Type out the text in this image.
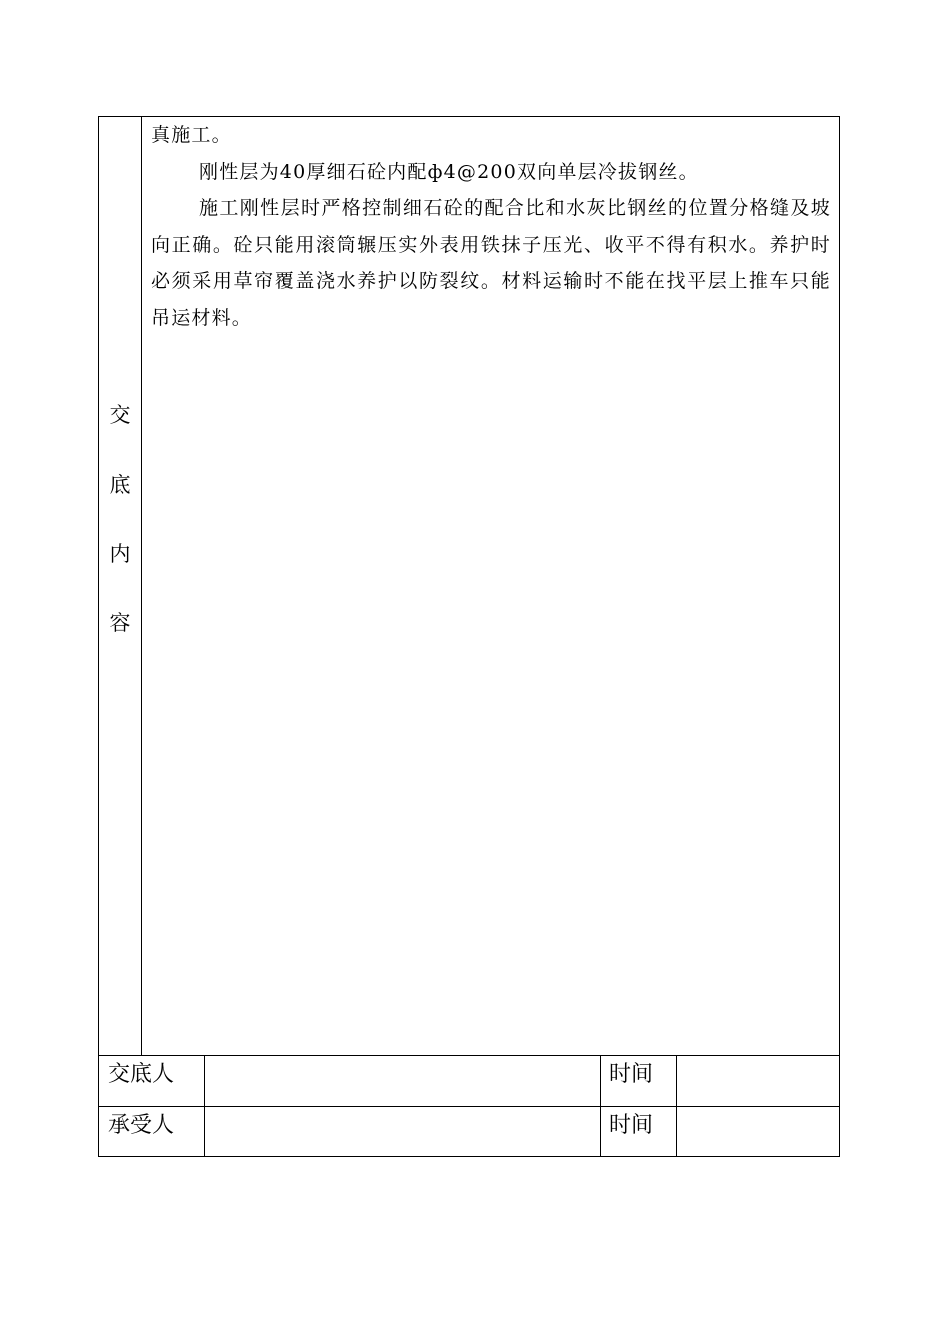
交
底
内
容

真施工。

刚性层为40厚细石砼内配ф4@200双向单层冷拔钢丝。

施工刚性层时严格控制细石砼的配合比和水灰比钢丝的位置分格缝及坡向正确。砼只能用滚筒辗压实外表用铁抹子压光、收平不得有积水。养护时必须采用草帘覆盖浇水养护以防裂纹。材料运输时不能在找平层上推车只能吊运材料。

交底人	时间
承受人	时间
